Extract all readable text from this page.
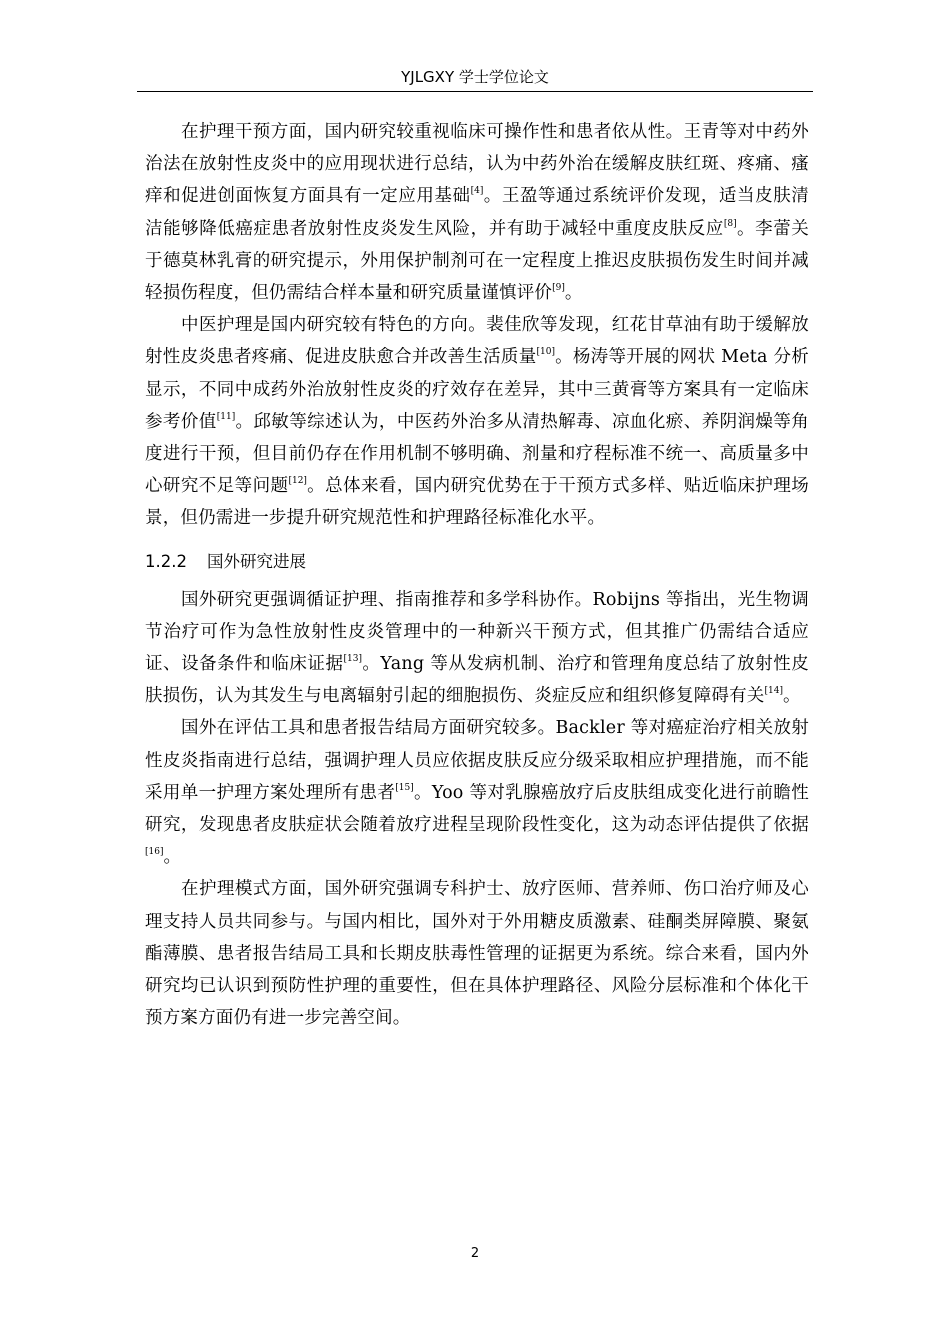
YJLGXY 学士学位论文

在护理干预方面，国内研究较重视临床可操作性和患者依从性。王青等对中药外治法在放射性皮炎中的应用现状进行总结，认为中药外治在缓解皮肤红斑、疼痛、瘙痒和促进创面恢复方面具有一定应用基础[4]。王盈等通过系统评价发现，适当皮肤清洁能够降低癌症患者放射性皮炎发生风险，并有助于减轻中重度皮肤反应[8]。李蕾关于德莫林乳膏的研究提示，外用保护制剂可在一定程度上推迟皮肤损伤发生时间并减轻损伤程度，但仍需结合样本量和研究质量谨慎评价[9]。

中医护理是国内研究较有特色的方向。裴佳欣等发现，红花甘草油有助于缓解放射性皮炎患者疼痛、促进皮肤愈合并改善生活质量[10]。杨涛等开展的网状 Meta 分析显示，不同中成药外治放射性皮炎的疗效存在差异，其中三黄膏等方案具有一定临床参考价值[11]。邱敏等综述认为，中医药外治多从清热解毒、凉血化瘀、养阴润燥等角度进行干预，但目前仍存在作用机制不够明确、剂量和疗程标准不统一、高质量多中心研究不足等问题[12]。总体来看，国内研究优势在于干预方式多样、贴近临床护理场景，但仍需进一步提升研究规范性和护理路径标准化水平。

1.2.2 国外研究进展

国外研究更强调循证护理、指南推荐和多学科协作。Robijns 等指出，光生物调节治疗可作为急性放射性皮炎管理中的一种新兴干预方式，但其推广仍需结合适应证、设备条件和临床证据[13]。Yang 等从发病机制、治疗和管理角度总结了放射性皮肤损伤，认为其发生与电离辐射引起的细胞损伤、炎症反应和组织修复障碍有关[14]。

国外在评估工具和患者报告结局方面研究较多。Backler 等对癌症治疗相关放射性皮炎指南进行总结，强调护理人员应依据皮肤反应分级采取相应护理措施，而不能采用单一护理方案处理所有患者[15]。Yoo 等对乳腺癌放疗后皮肤组成变化进行前瞻性研究，发现患者皮肤症状会随着放疗进程呈现阶段性变化，这为动态评估提供了依据[16]。

在护理模式方面，国外研究强调专科护士、放疗医师、营养师、伤口治疗师及心理支持人员共同参与。与国内相比，国外对于外用糖皮质激素、硅酮类屏障膜、聚氨酯薄膜、患者报告结局工具和长期皮肤毒性管理的证据更为系统。综合来看，国内外研究均已认识到预防性护理的重要性，但在具体护理路径、风险分层标准和个体化干预方案方面仍有进一步完善空间。

2
